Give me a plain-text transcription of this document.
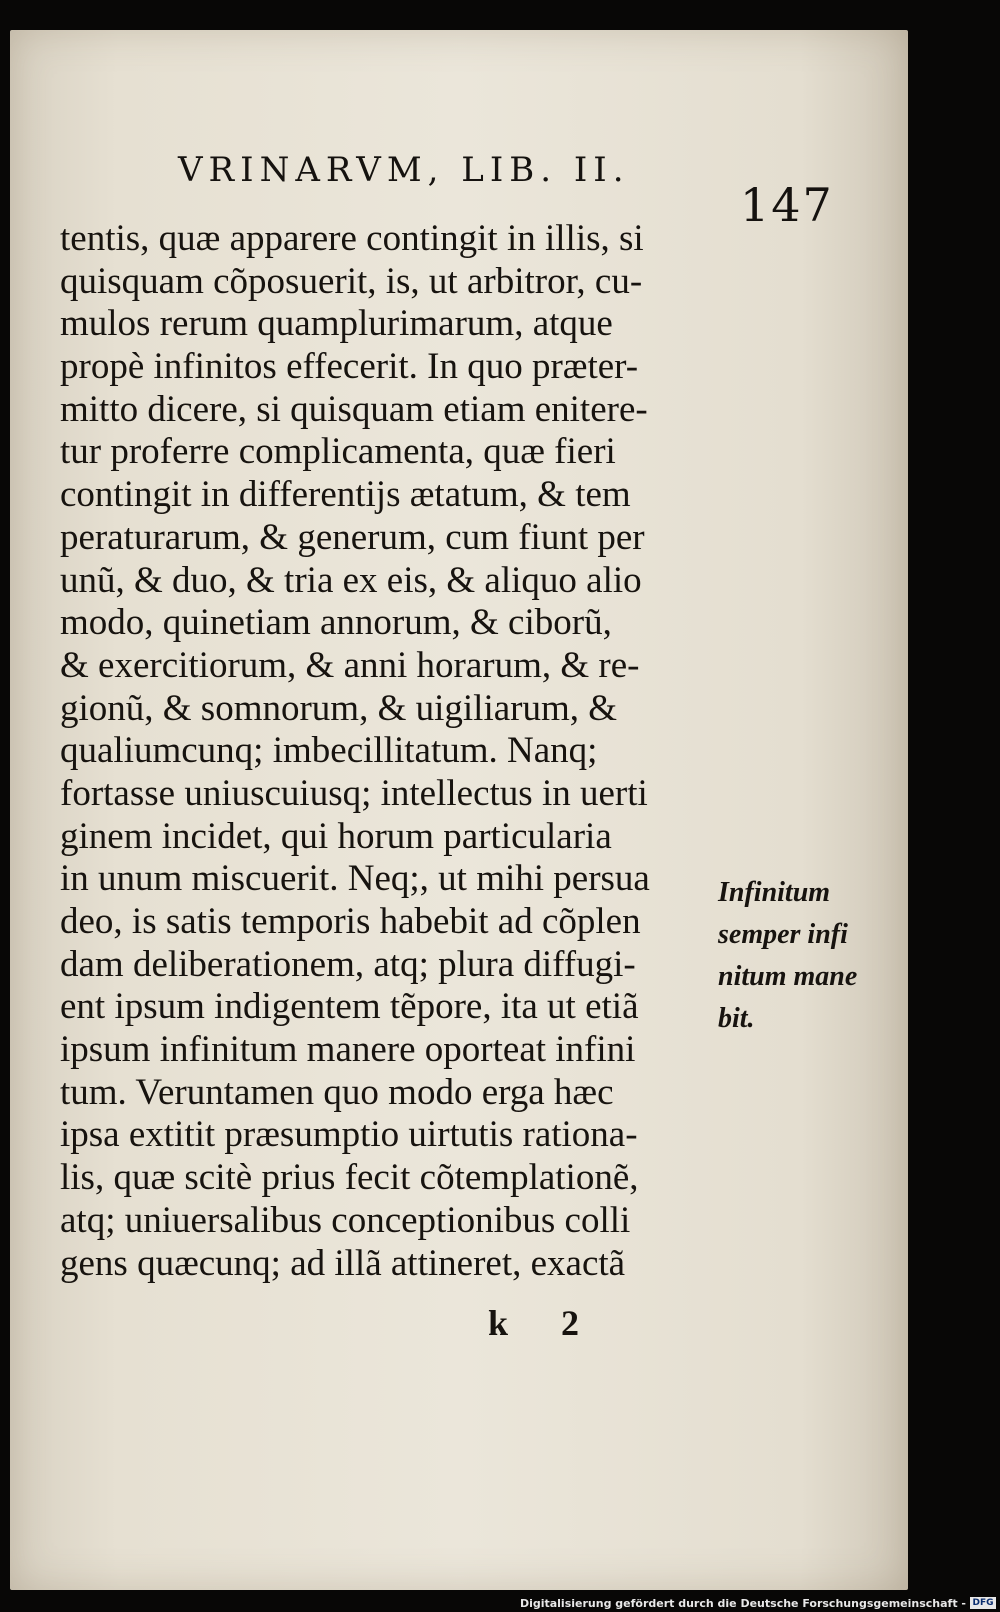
VRINARVM, LIB. II.
147
tentis, quæ apparere contingit in illis, si
quisquam cõposuerit, is, ut arbitror, cu-
mulos rerum quamplurimarum, atque
propè infinitos effecerit. In quo præter-
mitto dicere, si quisquam etiam enitere-
tur proferre complicamenta, quæ fieri
contingit in differentijs ætatum, & tem
peraturarum, & generum, cum fiunt per
unũ, & duo, & tria ex eis, & aliquo alio
modo, quinetiam annorum, & ciborũ,
& exercitiorum, & anni horarum, & re-
gionũ, & somnorum, & uigiliarum, &
qualiumcunq; imbecillitatum. Nanq;
fortasse uniuscuiusq; intellectus in uerti
ginem incidet, qui horum particularia
in unum miscuerit. Neq;, ut mihi persua
deo, is satis temporis habebit ad cõplen
dam deliberationem, atq; plura diffugi-
ent ipsum indigentem tẽpore, ita ut etiã
ipsum infinitum manere oporteat infini
tum. Veruntamen quo modo erga hæc
ipsa extitit præsumptio uirtutis rationa-
lis, quæ scitè prius fecit cõtemplationẽ,
atq; uniuersalibus conceptionibus colli
gens quæcunq; ad illã attineret, exactã
Infinitum
semper infi
nitum mane
bit.
k 2
Digitalisierung gefördert durch die Deutsche Forschungsgemeinschaft - DFG
